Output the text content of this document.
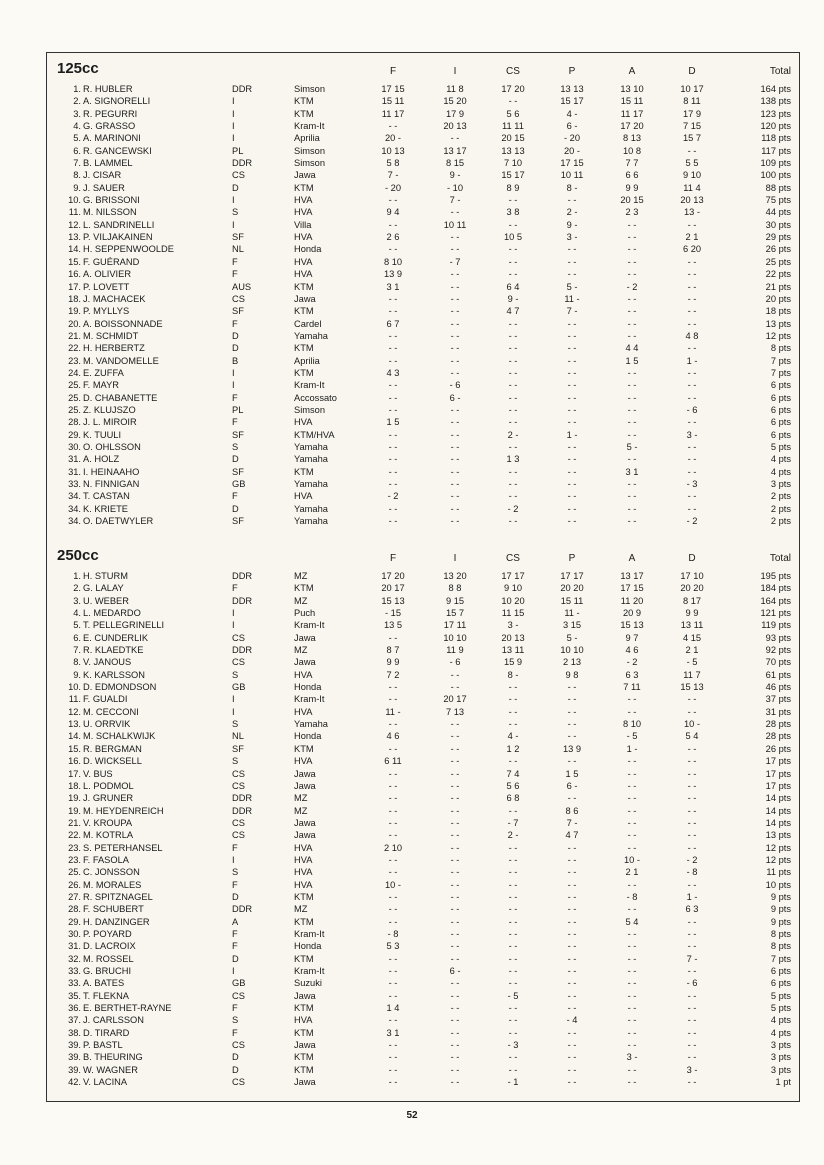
125cc	F	I	CS	P	A	D	Total
1. R. HUBLER	DDR	Simson	17 15	11 8	17 20	13 13	13 10	10 17	164 pts
2. A. SIGNORELLI	I	KTM	15 11	15 20	- -	15 17	15 11	8 11	138 pts
3. R. PEGURRI	I	KTM	11 17	17 9	5 6	4 -	11 17	17 9	123 pts
4. G. GRASSO	I	Kram-It	- -	20 13	11 11	6 -	17 20	7 15	120 pts
5. A. MARINONI	I	Aprilia	20 -	- -	20 15	- 20	8 13	15 7	118 pts
6. R. GANCEWSKI	PL	Simson	10 13	13 17	13 13	20 -	10 8	- -	117 pts
7. B. LAMMEL	DDR	Simson	5 8	8 15	7 10	17 15	7 7	5 5	109 pts
8. J. CISAR	CS	Jawa	7 -	9 -	15 17	10 11	6 6	9 10	100 pts
9. J. SAUER	D	KTM	- 20	- 10	8 9	8 -	9 9	11 4	88 pts
10. G. BRISSONI	I	HVA	- -	7 -	- -	- -	20 15	20 13	75 pts
11. M. NILSSON	S	HVA	9 4	- -	3 8	2 -	2 3	13 -	44 pts
12. L. SANDRINELLI	I	Villa	- -	10 11	- -	9 -	- -	- -	30 pts
13. P. VILJAKAINEN	SF	HVA	2 6	- -	10 5	3 -	- -	2 1	29 pts
14. H. SEPPENWOOLDE	NL	Honda	- -	- -	- -	- -	- -	6 20	26 pts
15. F. GUÉRAND	F	HVA	8 10	- 7	- -	- -	- -	- -	25 pts
16. A. OLIVIER	F	HVA	13 9	- -	- -	- -	- -	- -	22 pts
17. P. LOVETT	AUS	KTM	3 1	- -	6 4	5 -	- 2	- -	21 pts
18. J. MACHACEK	CS	Jawa	- -	- -	9 -	11 -	- -	- -	20 pts
19. P. MYLLYS	SF	KTM	- -	- -	4 7	7 -	- -	- -	18 pts
20. A. BOISSONNADE	F	Cardel	6 7	- -	- -	- -	- -	- -	13 pts
21. M. SCHMIDT	D	Yamaha	- -	- -	- -	- -	- -	4 8	12 pts
22. H. HERBERTZ	D	KTM	- -	- -	- -	- -	4 4	- -	8 pts
23. M. VANDOMELLE	B	Aprilia	- -	- -	- -	- -	1 5	1 -	7 pts
24. E. ZUFFA	I	KTM	4 3	- -	- -	- -	- -	- -	7 pts
25. F. MAYR	I	Kram-It	- -	- 6	- -	- -	- -	- -	6 pts
25. D. CHABANETTE	F	Accossato	- -	6 -	- -	- -	- -	- -	6 pts
25. Z. KLUJSZO	PL	Simson	- -	- -	- -	- -	- -	- 6	6 pts
28. J. L. MIROIR	F	HVA	1 5	- -	- -	- -	- -	- -	6 pts
29. K. TUULI	SF	KTM/HVA	- -	- -	2 -	1 -	- -	3 -	6 pts
30. O. OHLSSON	S	Yamaha	- -	- -	- -	- -	5 -	- -	5 pts
31. A. HOLZ	D	Yamaha	- -	- -	1 3	- -	- -	- -	4 pts
31. I. HEINAAHO	SF	KTM	- -	- -	- -	- -	3 1	- -	4 pts
33. N. FINNIGAN	GB	Yamaha	- -	- -	- -	- -	- -	- 3	3 pts
34. T. CASTAN	F	HVA	- 2	- -	- -	- -	- -	- -	2 pts
34. K. KRIETE	D	Yamaha	- -	- -	- 2	- -	- -	- -	2 pts
34. O. DAETWYLER	SF	Yamaha	- -	- -	- -	- -	- -	- 2	2 pts
250cc	F	I	CS	P	A	D	Total
1. H. STURM	DDR	MZ	17 20	13 20	17 17	17 17	13 17	17 10	195 pts
2. G. LALAY	F	KTM	20 17	8 8	9 10	20 20	17 15	20 20	184 pts
3. U. WEBER	DDR	MZ	15 13	9 15	10 20	15 11	11 20	8 17	164 pts
4. L. MEDARDO	I	Puch	- 15	15 7	11 15	11 -	20 9	9 9	121 pts
5. T. PELLEGRINELLI	I	Kram-It	13 5	17 11	3 -	3 15	15 13	13 11	119 pts
6. E. CUNDERLIK	CS	Jawa	- -	10 10	20 13	5 -	9 7	4 15	93 pts
7. R. KLAEDTKE	DDR	MZ	8 7	11 9	13 11	10 10	4 6	2 1	92 pts
8. V. JANOUS	CS	Jawa	9 9	- 6	15 9	2 13	- 2	- 5	70 pts
9. K. KARLSSON	S	HVA	7 2	- -	8 -	9 8	6 3	11 7	61 pts
10. D. EDMONDSON	GB	Honda	- -	- -	- -	- -	7 11	15 13	46 pts
11. F. GUALDI	I	Kram-It	- -	20 17	- -	- -	- -	- -	37 pts
12. M. CECCONI	I	HVA	11 -	7 13	- -	- -	- -	- -	31 pts
13. U. ORRVIK	S	Yamaha	- -	- -	- -	- -	8 10	10 -	28 pts
14. M. SCHALKWIJK	NL	Honda	4 6	- -	4 -	- -	- 5	5 4	28 pts
15. R. BERGMAN	SF	KTM	- -	- -	1 2	13 9	1 -	- -	26 pts
16. D. WICKSELL	S	HVA	6 11	- -	- -	- -	- -	- -	17 pts
17. V. BUS	CS	Jawa	- -	- -	7 4	1 5	- -	- -	17 pts
18. L. PODMOL	CS	Jawa	- -	- -	5 6	6 -	- -	- -	17 pts
19. J. GRUNER	DDR	MZ	- -	- -	6 8	- -	- -	- -	14 pts
19. M. HEYDENREICH	DDR	MZ	- -	- -	- -	8 6	- -	- -	14 pts
21. V. KROUPA	CS	Jawa	- -	- -	- 7	7 -	- -	- -	14 pts
22. M. KOTRLA	CS	Jawa	- -	- -	2 -	4 7	- -	- -	13 pts
23. S. PETERHANSEL	F	HVA	2 10	- -	- -	- -	- -	- -	12 pts
23. F. FASOLA	I	HVA	- -	- -	- -	- -	10 -	- 2	12 pts
25. C. JONSSON	S	HVA	- -	- -	- -	- -	2 1	- 8	11 pts
26. M. MORALES	F	HVA	10 -	- -	- -	- -	- -	- -	10 pts
27. R. SPITZNAGEL	D	KTM	- -	- -	- -	- -	- 8	1 -	9 pts
28. F. SCHUBERT	DDR	MZ	- -	- -	- -	- -	- -	6 3	9 pts
29. H. DANZINGER	A	KTM	- -	- -	- -	- -	5 4	- -	9 pts
30. P. POYARD	F	Kram-It	- 8	- -	- -	- -	- -	- -	8 pts
31. D. LACROIX	F	Honda	5 3	- -	- -	- -	- -	- -	8 pts
32. M. ROSSEL	D	KTM	- -	- -	- -	- -	- -	7 -	7 pts
33. G. BRUCHI	I	Kram-It	- -	6 -	- -	- -	- -	- -	6 pts
33. A. BATES	GB	Suzuki	- -	- -	- -	- -	- -	- 6	6 pts
35. T. FLEKNA	CS	Jawa	- -	- -	- 5	- -	- -	- -	5 pts
36. E. BERTHET-RAYNE	F	KTM	1 4	- -	- -	- -	- -	- -	5 pts
37. J. CARLSSON	S	HVA	- -	- -	- -	- 4	- -	- -	4 pts
38. D. TIRARD	F	KTM	3 1	- -	- -	- -	- -	- -	4 pts
39. P. BASTL	CS	Jawa	- -	- -	- 3	- -	- -	- -	3 pts
39. B. THEURING	D	KTM	- -	- -	- -	- -	3 -	- -	3 pts
39. W. WAGNER	D	KTM	- -	- -	- -	- -	- -	3 -	3 pts
42. V. LACINA	CS	Jawa	- -	- -	- 1	- -	- -	- -	1 pt
52
